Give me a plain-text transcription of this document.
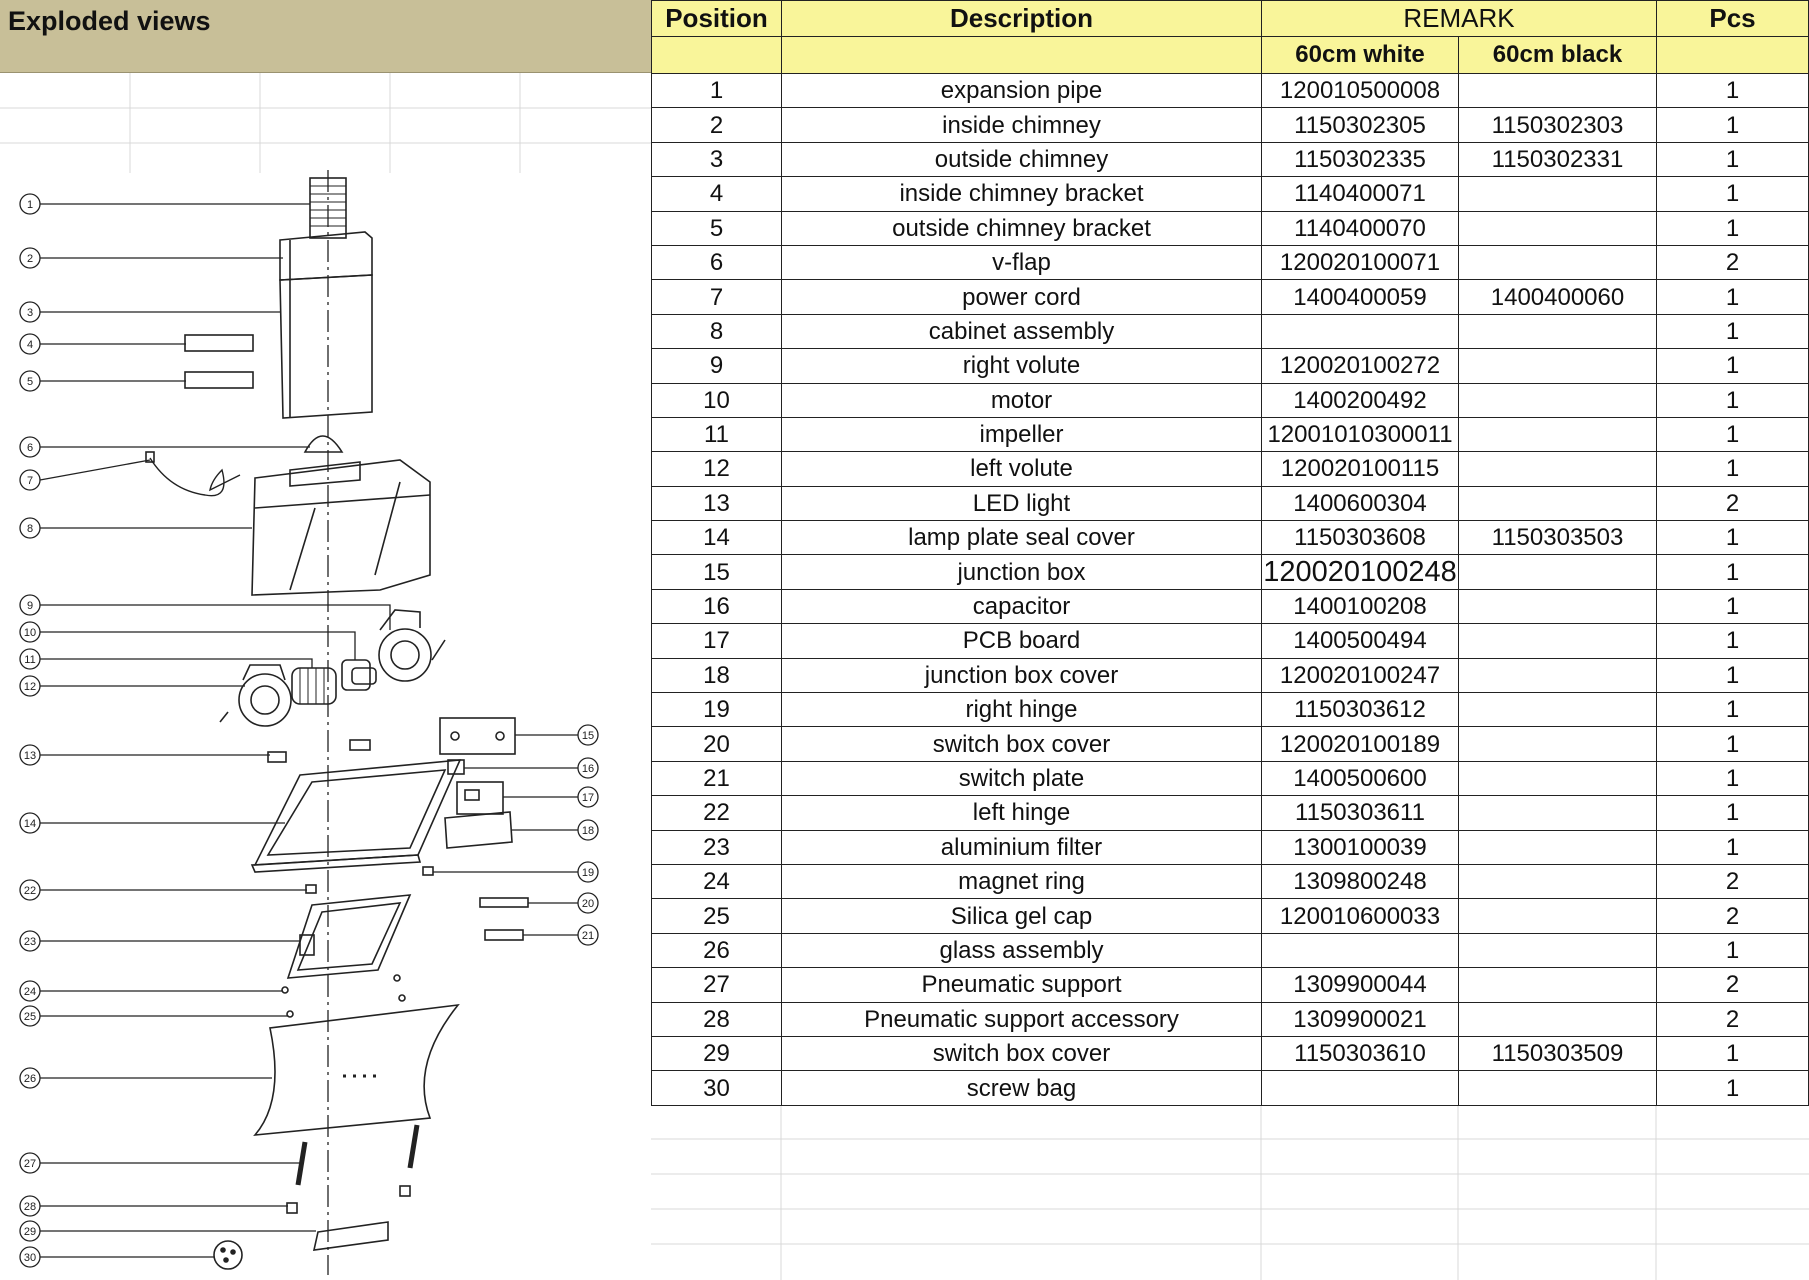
Exploded views
1
2
3
4
5
6
7
8
9
10
11
12
13
14
15
16
17
18
19
22
23
24
25
26
27
28
29
30
20
21
Position	Description	REMARK		Pcs
		60cm white	60cm black	
1	expansion pipe	120010500008		1
2	inside chimney	1150302305	1150302303	1
3	outside chimney	1150302335	1150302331	1
4	inside chimney bracket	1140400071		1
5	outside chimney bracket	1140400070		1
6	v-flap	120020100071		2
7	power cord	1400400059	1400400060	1
8	cabinet assembly			1
9	right volute	120020100272		1
10	motor	1400200492		1
11	impeller	12001010300011		1
12	left volute	120020100115		1
13	LED light	1400600304		2
14	lamp plate seal cover	1150303608	1150303503	1
15	junction box	120020100248		1
16	capacitor	1400100208		1
17	PCB board	1400500494		1
18	junction box cover	120020100247		1
19	right hinge	1150303612		1
20	switch box cover	120020100189		1
21	switch plate	1400500600		1
22	left hinge	1150303611		1
23	aluminium filter	1300100039		1
24	magnet ring	1309800248		2
25	Silica gel cap	120010600033		2
26	glass assembly			1
27	Pneumatic support	1309900044		2
28	Pneumatic support accessory	1309900021		2
29	switch box cover	1150303610	1150303509	1
30	screw bag			1
